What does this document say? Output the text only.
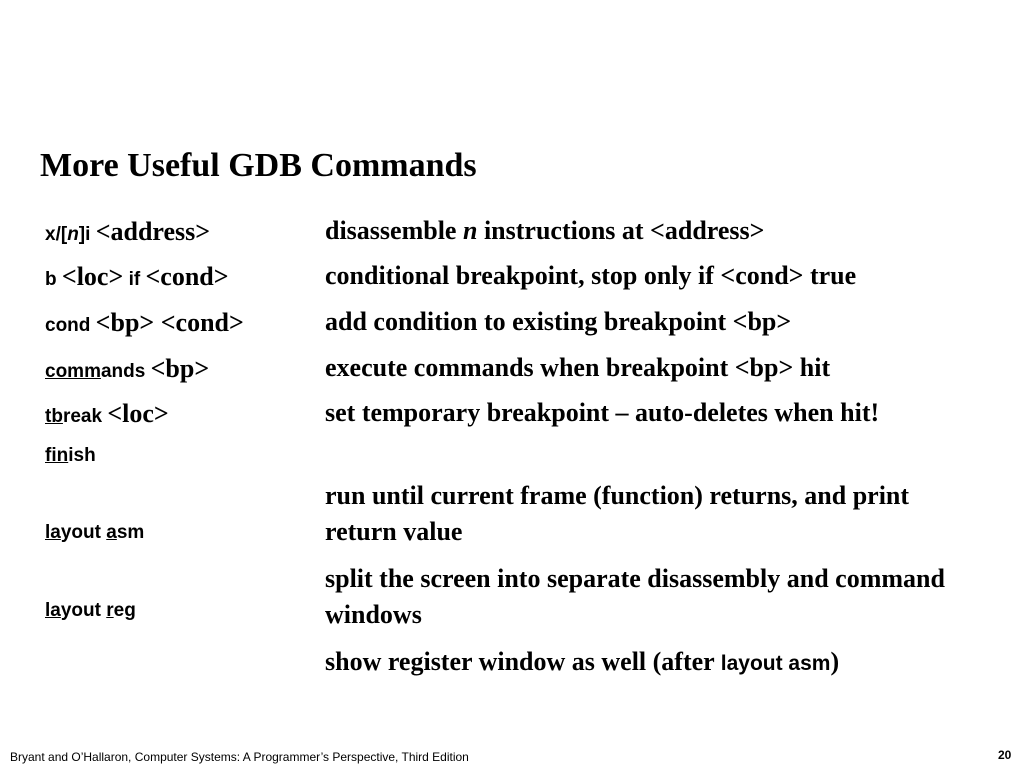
More Useful GDB Commands
x/[n]i <address>
b <loc> if <cond>
cond <bp> <cond>
commands <bp>
tbreak <loc>
finish
layout asm
layout reg
disassemble n instructions at <address>
conditional breakpoint, stop only if <cond> true
add condition to existing breakpoint <bp>
execute commands when breakpoint <bp> hit
set temporary breakpoint – auto-deletes when hit!
run until current frame (function) returns, and print return value
split the screen into separate disassembly and command windows
show register window as well (after layout asm)
Bryant and O’Hallaron, Computer Systems: A Programmer’s Perspective, Third Edition	20
